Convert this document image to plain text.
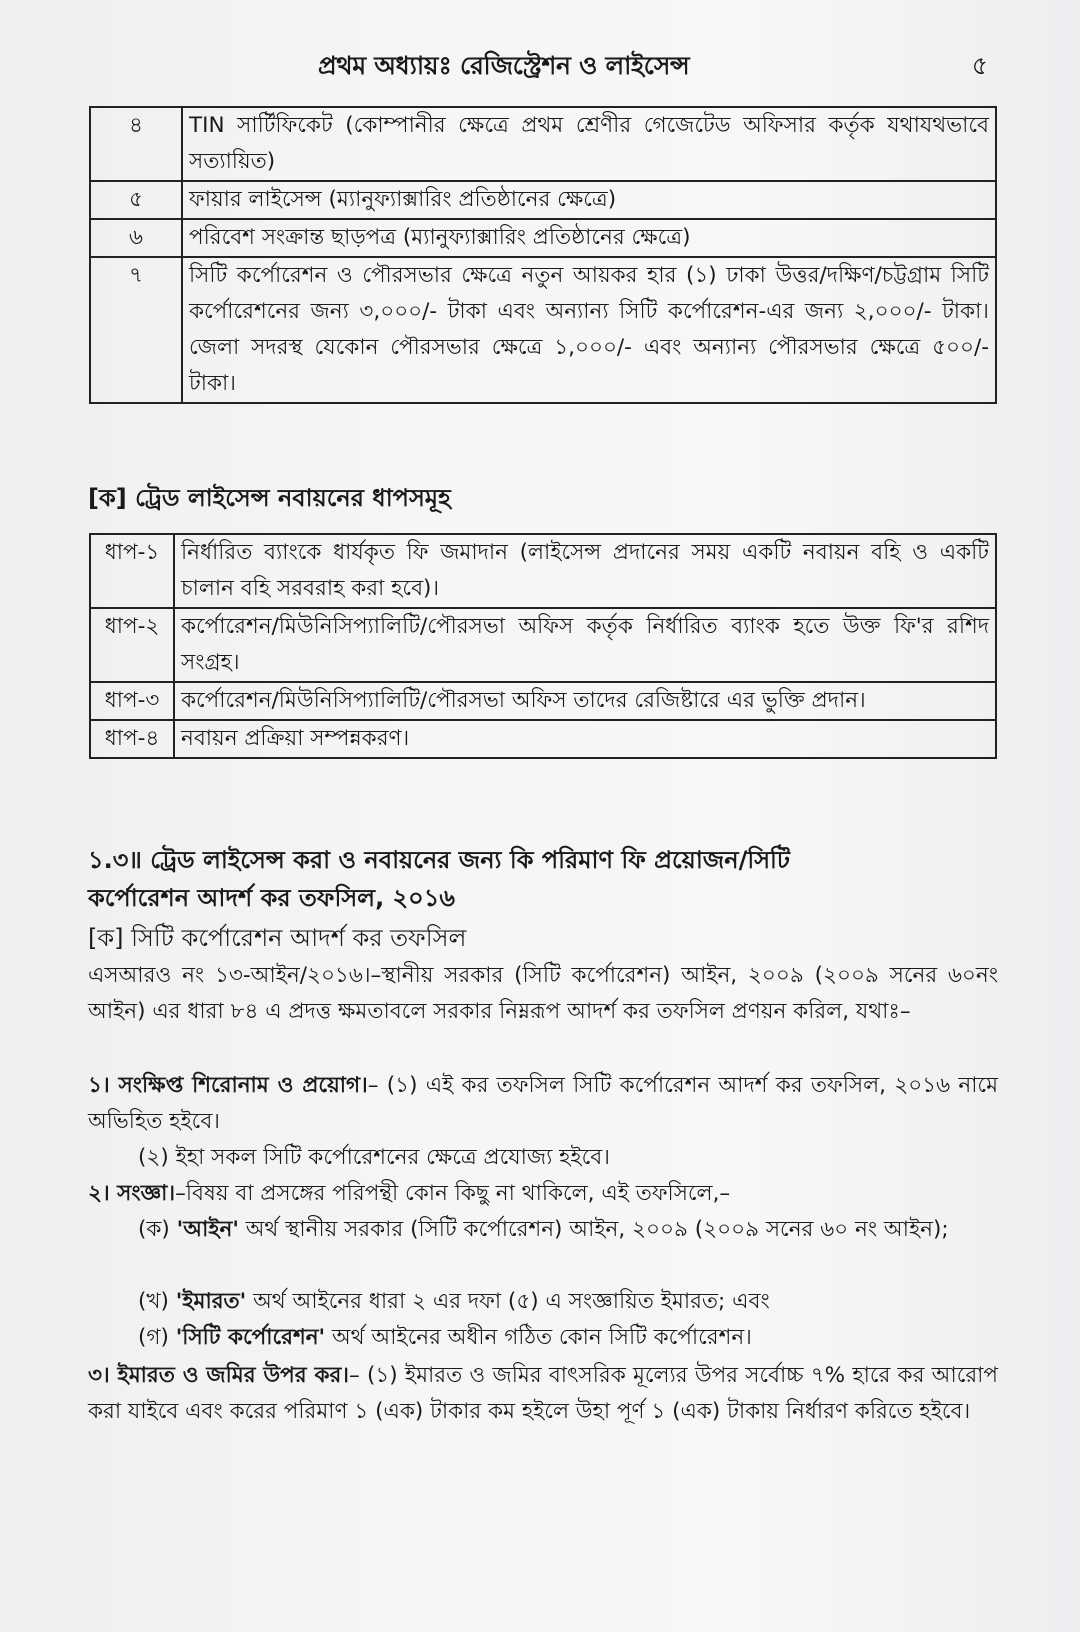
প্রথম অধ্যায়ঃ রেজিস্ট্রেশন ও লাইসেন্স	৫
৪	TIN সার্টিফিকেট (কোম্পানীর ক্ষেত্রে প্রথম শ্রেণীর গেজেটেড অফিসার কর্তৃক যথাযথভাবে সত্যায়িত)
৫	ফায়ার লাইসেন্স (ম্যানুফ্যাক্সারিং প্রতিষ্ঠানের ক্ষেত্রে)
৬	পরিবেশ সংক্রান্ত ছাড়পত্র (ম্যানুফ্যাক্সারিং প্রতিষ্ঠানের ক্ষেত্রে)
৭	সিটি কর্পোরেশন ও পৌরসভার ক্ষেত্রে নতুন আয়কর হার (১) ঢাকা উত্তর/দক্ষিণ/চট্টগ্রাম সিটি কর্পোরেশনের জন্য ৩,০০০/- টাকা এবং অন্যান্য সিটি কর্পোরেশন-এর জন্য ২,০০০/- টাকা। জেলা সদরস্থ যেকোন পৌরসভার ক্ষেত্রে ১,০০০/- এবং অন্যান্য পৌরসভার ক্ষেত্রে ৫০০/- টাকা।
[ক] ট্রেড লাইসেন্স নবায়নের ধাপসমূহ
ধাপ-১	নির্ধারিত ব্যাংকে ধার্যকৃত ফি জমাদান (লাইসেন্স প্রদানের সময় একটি নবায়ন বহি ও একটি চালান বহি সরবরাহ করা হবে)।
ধাপ-২	কর্পোরেশন/মিউনিসিপ্যালিটি/পৌরসভা অফিস কর্তৃক নির্ধারিত ব্যাংক হতে উক্ত ফি'র রশিদ সংগ্রহ।
ধাপ-৩	কর্পোরেশন/মিউনিসিপ্যালিটি/পৌরসভা অফিস তাদের রেজিষ্টারে এর ভুক্তি প্রদান।
ধাপ-৪	নবায়ন প্রক্রিয়া সম্পন্নকরণ।
১.৩॥ ট্রেড লাইসেন্স করা ও নবায়নের জন্য কি পরিমাণ ফি প্রয়োজন/সিটি
কর্পোরেশন আদর্শ কর তফসিল, ২০১৬
[ক] সিটি কর্পোরেশন আদর্শ কর তফসিল
এসআরও নং ১৩-আইন/২০১৬।–স্থানীয় সরকার (সিটি কর্পোরেশন) আইন, ২০০৯ (২০০৯ সনের ৬০নং আইন) এর ধারা ৮৪ এ প্রদত্ত ক্ষমতাবলে সরকার নিম্নরূপ আদর্শ কর তফসিল প্রণয়ন করিল, যথাঃ–
১। সংক্ষিপ্ত শিরোনাম ও প্রয়োগ।– (১) এই কর তফসিল সিটি কর্পোরেশন আদর্শ কর তফসিল, ২০১৬ নামে অভিহিত হইবে।
(২) ইহা সকল সিটি কর্পোরেশনের ক্ষেত্রে প্রযোজ্য হইবে।
২। সংজ্ঞা।–বিষয় বা প্রসঙ্গের পরিপন্থী কোন কিছু না থাকিলে, এই তফসিলে,–
(ক) 'আইন' অর্থ স্থানীয় সরকার (সিটি কর্পোরেশন) আইন, ২০০৯ (২০০৯ সনের ৬০ নং আইন);
(খ) 'ইমারত' অর্থ আইনের ধারা ২ এর দফা (৫) এ সংজ্ঞায়িত ইমারত; এবং
(গ) 'সিটি কর্পোরেশন' অর্থ আইনের অধীন গঠিত কোন সিটি কর্পোরেশন।
৩। ইমারত ও জমির উপর কর।– (১) ইমারত ও জমির বাৎসরিক মূল্যের উপর সর্বোচ্চ ৭% হারে কর আরোপ করা যাইবে এবং করের পরিমাণ ১ (এক) টাকার কম হইলে উহা পূর্ণ ১ (এক) টাকায় নির্ধারণ করিতে হইবে।
